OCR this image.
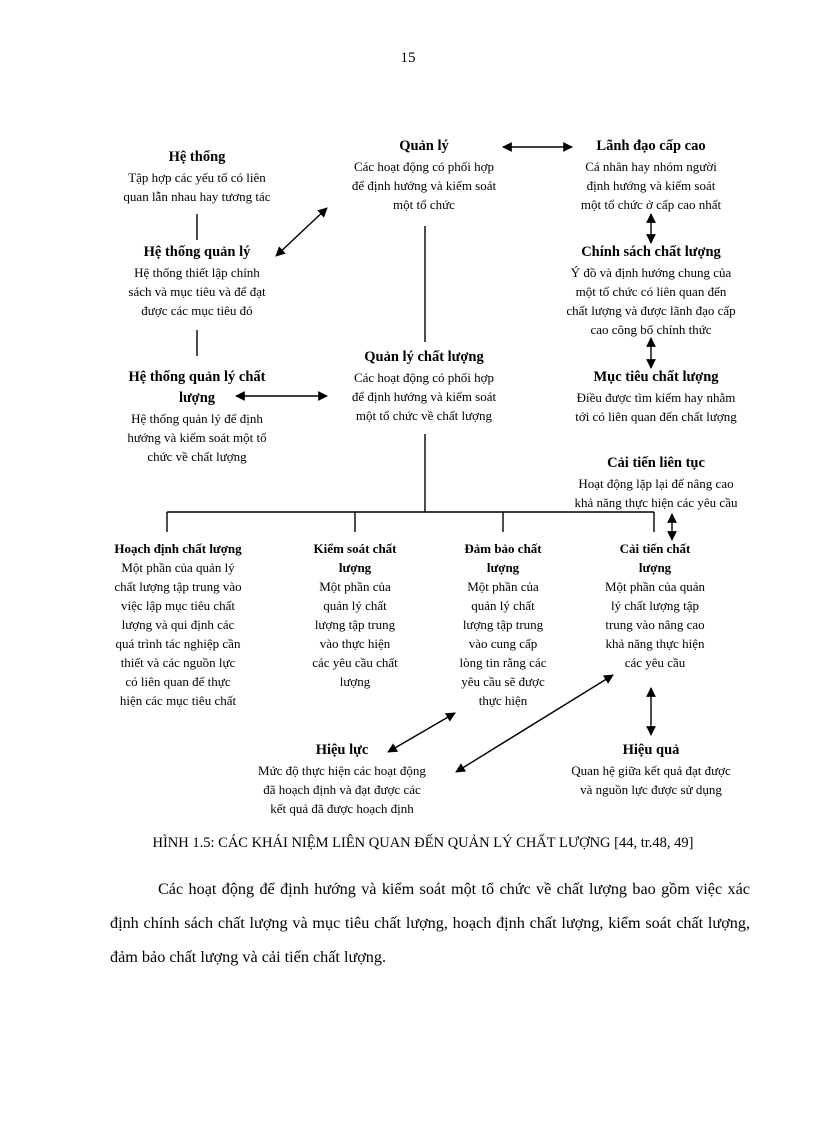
15
Hệ thống
Tập hợp các yếu tố có liên
quan lẫn nhau hay tương tác
Quản lý
Các hoạt động có phối hợp
để định hướng và kiểm soát
một tổ chức
Lãnh đạo cấp cao
Cá nhân hay nhóm người
định hướng và kiểm soát
một tổ chức ở cấp cao nhất
Hệ thống quản lý
Hệ thống thiết lập chính
sách và mục tiêu và để đạt
được các mục tiêu đó
Chính sách chất lượng
Ý đồ và định hướng chung của
một tổ chức có liên quan đến
chất lượng và được lãnh đạo cấp
cao công bố chính thức
Hệ thống quản lý chất
lượng
Hệ thống quản lý để định
hướng và kiểm soát một tổ
chức về chất lượng
Quản lý chất lượng
Các hoạt động có phối hợp
để định hướng và kiểm soát
một tổ chức về chất lượng
Mục tiêu chất lượng
Điều được tìm kiếm hay nhằm
tới có liên quan đến chất lượng
Cải tiến liên tục
Hoạt động lặp lại để nâng cao
khả năng thực hiện các yêu cầu
Hoạch định chất lượng
Một phần của quản lý
chất lượng tập trung vào
việc lập mục tiêu chất
lượng và qui định các
quá trình tác nghiệp cần
thiết và các nguồn lực
có liên quan để thực
hiện các mục tiêu chất
Kiểm soát chất
lượng
Một phần của
quản lý chất
lượng tập trung
vào thực hiện
các yêu cầu chất
lượng
Đảm bảo chất
lượng
Một phần của
quản lý chất
lượng tập trung
vào cung cấp
lòng tin rằng các
yêu cầu sẽ được
thực hiện
Cải tiến chất
lượng
Một phần của quản
lý chất lượng tập
trung vào nâng cao
khả năng thực hiện
các yêu cầu
Hiệu lực
Mức độ thực hiện các hoạt động
đã hoạch định và đạt được các
kết quả đã được hoạch định
Hiệu quả
Quan hệ giữa kết quả đạt được
và nguồn lực được sử dụng
HÌNH 1.5: CÁC KHÁI NIỆM LIÊN QUAN ĐẾN QUẢN LÝ CHẤT LƯỢNG [44, tr.48, 49]
Các hoạt động để định hướng và kiểm soát một tổ chức về chất lượng bao gồm việc xác định chính sách chất lượng và mục tiêu chất lượng, hoạch định chất lượng, kiểm soát chất lượng, đảm bảo chất lượng và cải tiến chất lượng.
